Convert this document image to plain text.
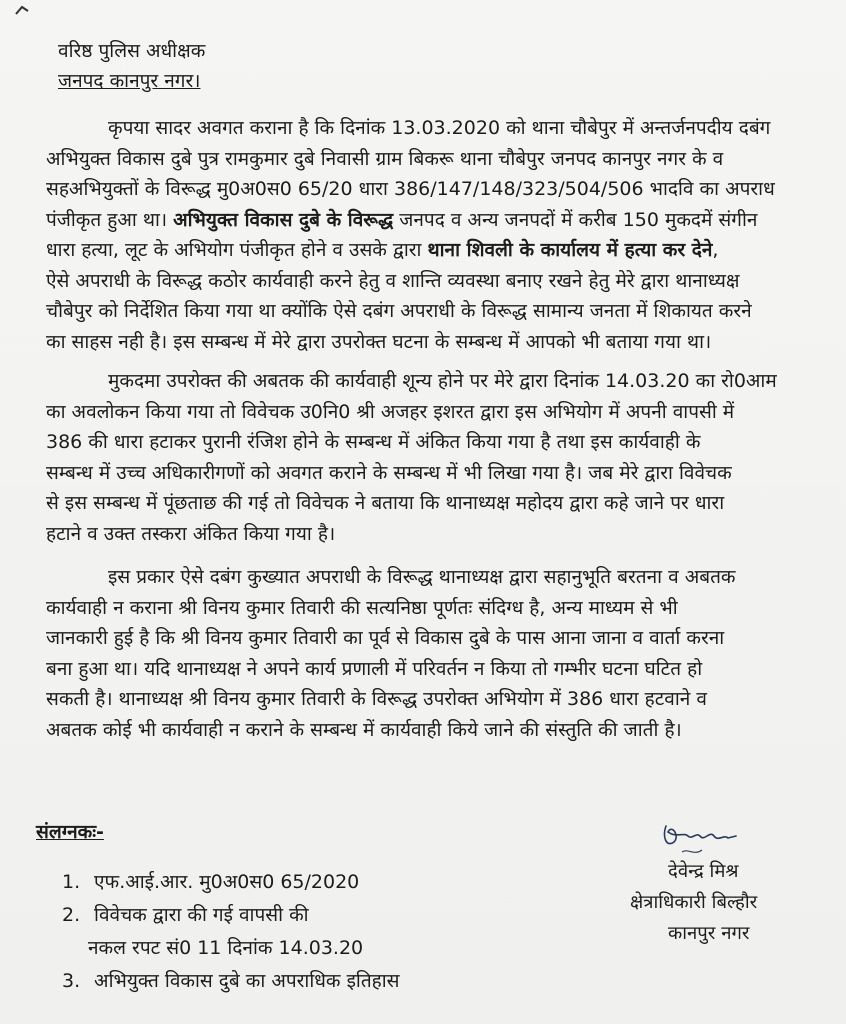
वरिष्ठ पुलिस अधीक्षक
जनपद कानपुर नगर।

कृपया सादर अवगत कराना है कि दिनांक 13.03.2020 को थाना चौबेपुर में अन्तर्जनपदीय दबंग
अभियुक्त विकास दुबे पुत्र रामकुमार दुबे निवासी ग्राम बिकरू थाना चौबेपुर जनपद कानपुर नगर के व
सहअभियुक्तों के विरूद्ध मु0अ0स0 65/20 धारा 386/147/148/323/504/506 भादवि का अपराध
पंजीकृत हुआ था। अभियुक्त विकास दुबे के विरूद्ध जनपद व अन्य जनपदों में करीब 150 मुकदमें संगीन
धारा हत्या, लूट के अभियोग पंजीकृत होने व उसके द्वारा थाना शिवली के कार्यालय में हत्या कर देने,
ऐसे अपराधी के विरूद्ध कठोर कार्यवाही करने हेतु व शान्ति व्यवस्था बनाए रखने हेतु मेरे द्वारा थानाध्यक्ष
चौबेपुर को निर्देशित किया गया था क्योंकि ऐसे दबंग अपराधी के विरूद्ध सामान्य जनता में शिकायत करने
का साहस नही है। इस सम्बन्ध में मेरे द्वारा उपरोक्त घटना के सम्बन्ध में आपको भी बताया गया था।

मुकदमा उपरोक्त की अबतक की कार्यवाही शून्य होने पर मेरे द्वारा दिनांक 14.03.20 का रो0आम
का अवलोकन किया गया तो विवेचक उ0नि0 श्री अजहर इशरत द्वारा इस अभियोग में अपनी वापसी में
386 की धारा हटाकर पुरानी रंजिश होने के सम्बन्ध में अंकित किया गया है तथा इस कार्यवाही के
सम्बन्ध में उच्च अधिकारीगणों को अवगत कराने के सम्बन्ध में भी लिखा गया है। जब मेरे द्वारा विवेचक
से इस सम्बन्ध में पूंछताछ की गई तो विवेचक ने बताया कि थानाध्यक्ष महोदय द्वारा कहे जाने पर धारा
हटाने व उक्त तस्करा अंकित किया गया है।

इस प्रकार ऐसे दबंग कुख्यात अपराधी के विरूद्ध थानाध्यक्ष द्वारा सहानुभूति बरतना व अबतक
कार्यवाही न कराना श्री विनय कुमार तिवारी की सत्यनिष्ठा पूर्णतः संदिग्ध है, अन्य माध्यम से भी
जानकारी हुई है कि श्री विनय कुमार तिवारी का पूर्व से विकास दुबे के पास आना जाना व वार्ता करना
बना हुआ था। यदि थानाध्यक्ष ने अपने कार्य प्रणाली में परिवर्तन न किया तो गम्भीर घटना घटित हो
सकती है। थानाध्यक्ष श्री विनय कुमार तिवारी के विरूद्ध उपरोक्त अभियोग में 386 धारा हटवाने व
अबतक कोई भी कार्यवाही न कराने के सम्बन्ध में कार्यवाही किये जाने की संस्तुति की जाती है।

संलग्नकः-
1. एफ.आई.आर. मु0अ0स0 65/2020
2. विवेचक द्वारा की गई वापसी की
नकल रपट सं0 11 दिनांक 14.03.20
3. अभियुक्त विकास दुबे का अपराधिक इतिहास
देवेन्द्र मिश्र
क्षेत्राधिकारी बिल्हौर
कानपुर नगर
